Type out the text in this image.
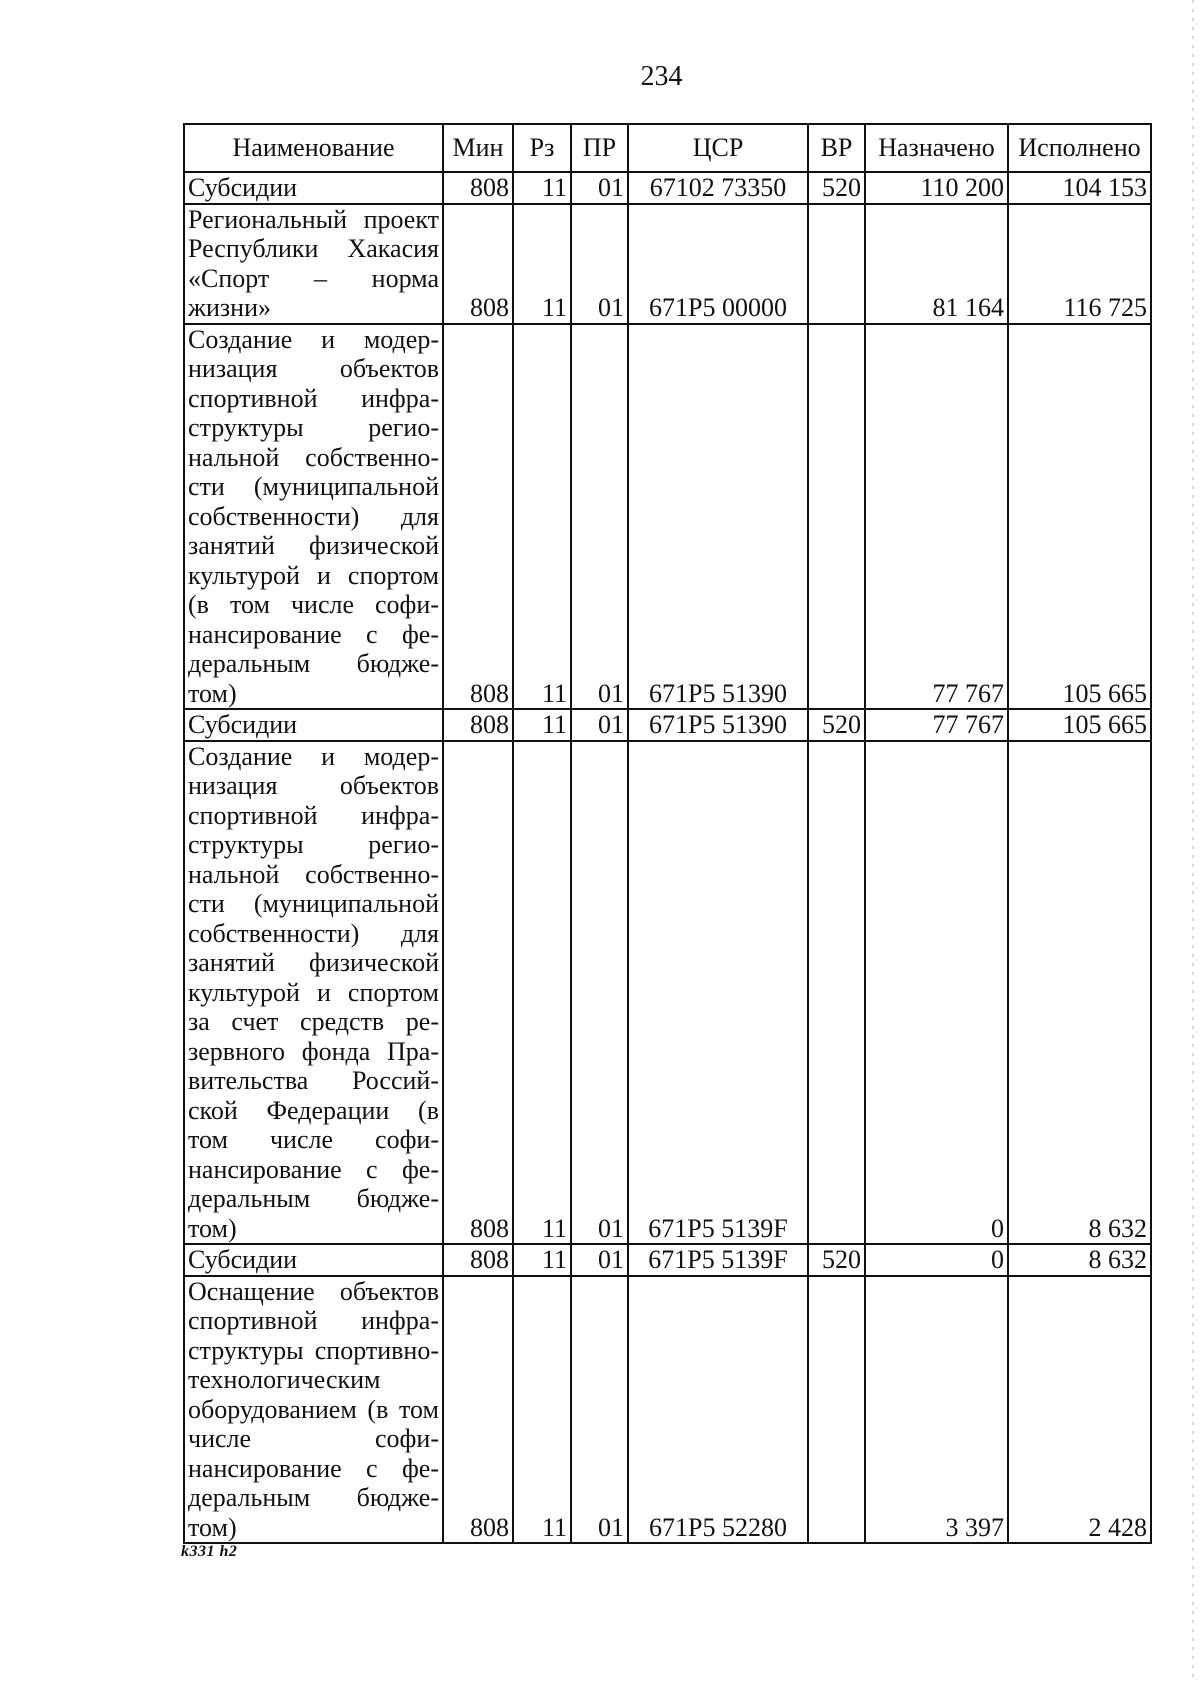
234
Наименование	Мин	Рз	ПР	ЦСР	ВР	Назначено	Исполнено
Субсидии	808	11	01	67102 73350	520	110 200	104 153
Региональный проект Республики Хакасия «Спорт – норма жизни»	808	11	01	671P5 00000		81 164	116 725
Создание и модернизация объектов спортивной инфраструктуры региональной собственности (муниципальной собственности) для занятий физической культурой и спортом (в том числе софинансирование с федеральным бюджетом)	808	11	01	671P5 51390		77 767	105 665
Субсидии	808	11	01	671P5 51390	520	77 767	105 665
Создание и модернизация объектов спортивной инфраструктуры региональной собственности (муниципальной собственности) для занятий физической культурой и спортом за счет средств резервного фонда Правительства Российской Федерации (в том числе софинансирование с федеральным бюджетом)	808	11	01	671P5 5139F		0	8 632
Субсидии	808	11	01	671P5 5139F	520	0	8 632
Оснащение объектов спортивной инфраструктуры спортивно-технологическим оборудованием (в том числе софинансирование с федеральным бюджетом)	808	11	01	671P5 52280		3 397	2 428
k331 h2
